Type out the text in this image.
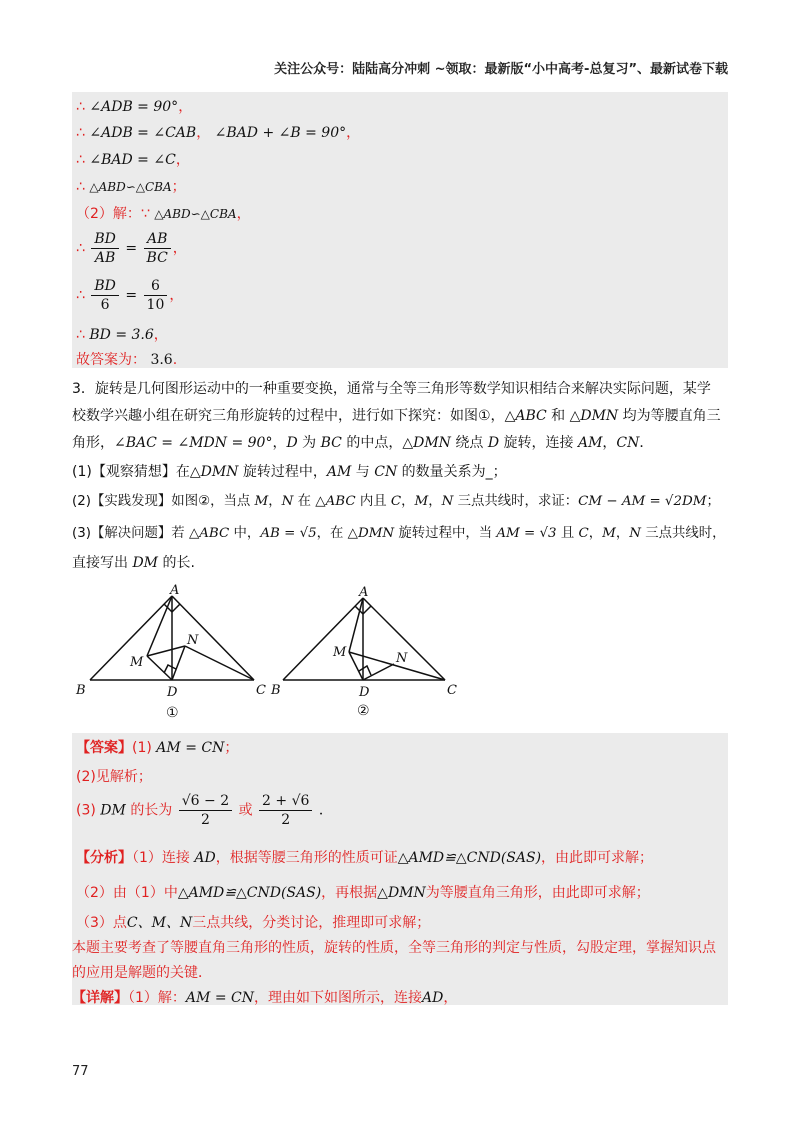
关注公众号：陆陆高分冲刺 ~领取：最新版“小中高考-总复习”、最新试卷下载
∴ ∠ADB = 90°，
∴ ∠ADB = ∠CAB， ∠BAD + ∠B = 90°，
∴ ∠BAD = ∠C，
∴ △ABD∽△CBA；
（2）解：∵ △ABD∽△CBA，
∴ $\frac{BD}{AB} = \frac{AB}{BC}$ ，
∴ $\frac{BD}{6} = \frac{6}{10}$ ，
∴ BD = 3.6，
故答案为： 3.6.
3．旋转是几何图形运动中的一种重要变换，通常与全等三角形等数学知识相结合来解决实际问题，某学
校数学兴趣小组在研究三角形旋转的过程中，进行如下探究：如图①，△ABC 和 △DMN 均为等腰直角三
角形，∠BAC = ∠MDN = 90°，D 为 BC 的中点，△DMN 绕点 D 旋转，连接 AM，CN．
(1)【观察猜想】在△DMN 旋转过程中，AM 与 CN 的数量关系为_；
(2)【实践发现】如图②，当点 M，N 在 △ABC 内且 C，M，N 三点共线时，求证：CM − AM = √2DM；
(3)【解决问题】若 △ABC 中，AB = √5，在 △DMN 旋转过程中，当 AM = √3 且 C，M，N 三点共线时，
直接写出 DM 的长.
A
B	C
D
M
N
①
A
B	C
D
M	N
②
【答案】(1) AM = CN；
(2)见解析；
(3) DM 的长为 $\frac{√6 - 2}{2}$ 或 $\frac{2 + √6}{2}$ ．
【分析】（1）连接 AD，根据等腰三角形的性质可证△AMD≌△CND(SAS)，由此即可求解；
（2）由（1）中△AMD≌△CND(SAS)，再根据△DMN为等腰直角三角形，由此即可求解；
（3）点C、M、N三点共线，分类讨论，推理即可求解；
本题主要考查了等腰直角三角形的性质，旋转的性质，全等三角形的判定与性质，勾股定理，掌握知识点
的应用是解题的关键．
【详解】（1）解：AM = CN，理由如下如图所示，连接AD，
77
